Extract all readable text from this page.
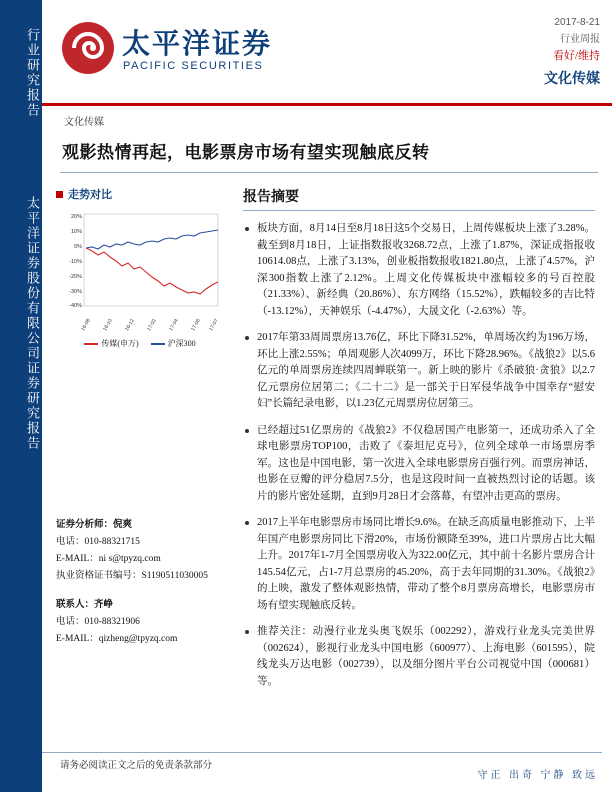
行业研究报告
太平洋证券股份有限公司证券研究报告
太平洋证券
PACIFIC SECURITIES
2017-8-21
行业周报
看好/维持
文化传媒
文化传媒
观影热情再起，电影票房市场有望实现触底反转
走势对比
20%
10%
0%
-10%
-20%
-30%
-40%
16-08 16-10 16-12 17-02 17-04 17-06 17-07
传媒(申万)	沪深300
证券分析师：倪爽
电话：010-88321715
E-MAIL：ni s@tpyzq.com
执业资格证书编号：S1190511030005
联系人：齐峥
电话：010-88321906
E-MAIL：qizheng@tpyzq.com
报告摘要
板块方面，8月14日至8月18日这5个交易日，上周传媒板块上涨了3.28%。截至到8月18日，上证指数报收3268.72点，上涨了1.87%，深证成指报收10614.08点，上涨了3.13%，创业板指数报收1821.80点，上涨了4.57%，沪深300指数上涨了2.12%。上周文化传媒板块中涨幅较多的号百控股（21.33%）、新经典（20.86%）、东方网络（15.52%），跌幅较多的吉比特（-13.12%），天神娱乐（-4.47%），大晟文化（-2.63%）等。
2017年第33周周票房13.76亿，环比下降31.52%，单周场次约为196万场，环比上涨2.55%；单周观影人次4099万，环比下降28.96%。《战狼2》以5.6亿元的单周票房连续四周蝉联第一。新上映的影片《杀破狼·贪狼》以2.7亿元票房位居第二；《二十二》是一部关于日军侵华战争中国幸存“慰安妇”长篇纪录电影，以1.23亿元周票房位居第三。
已经超过51亿票房的《战狼2》不仅稳居国产电影第一，还成功杀入了全球电影票房TOP100，击败了《泰坦尼克号》，位列全球单一市场票房季军。这也是中国电影，第一次进入全球电影票房百强行列。而票房神话，也影在豆瓣的评分稳居7.5分，也是这段时间一直被热烈讨论的话题。该片的影片密处延期，直到9月28日才会落幕，有望冲击更高的票房。
2017上半年电影票房市场同比增长9.6%。在缺乏高质量电影推动下，上半年国产电影票房同比下滑20%，市场份额降至39%，进口片票房占比大幅上升。2017年1-7月全国票房收入为322.00亿元，其中前十名影片票房合计145.54亿元，占1-7月总票房的45.20%，高于去年同期的31.30%。《战狼2》的上映，激发了整体观影热情，带动了整个8月票房高增长，电影票房市场有望实现触底反转。
推荐关注：动漫行业龙头奥飞娱乐（002292），游戏行业龙头完美世界（002624），影视行业龙头中国电影（600977）、上海电影（601595），院线龙头万达电影（002739），以及细分图片平台公司视觉中国（000681）等。
请务必阅读正文之后的免责条款部分
守正 出奇 宁静 致远
